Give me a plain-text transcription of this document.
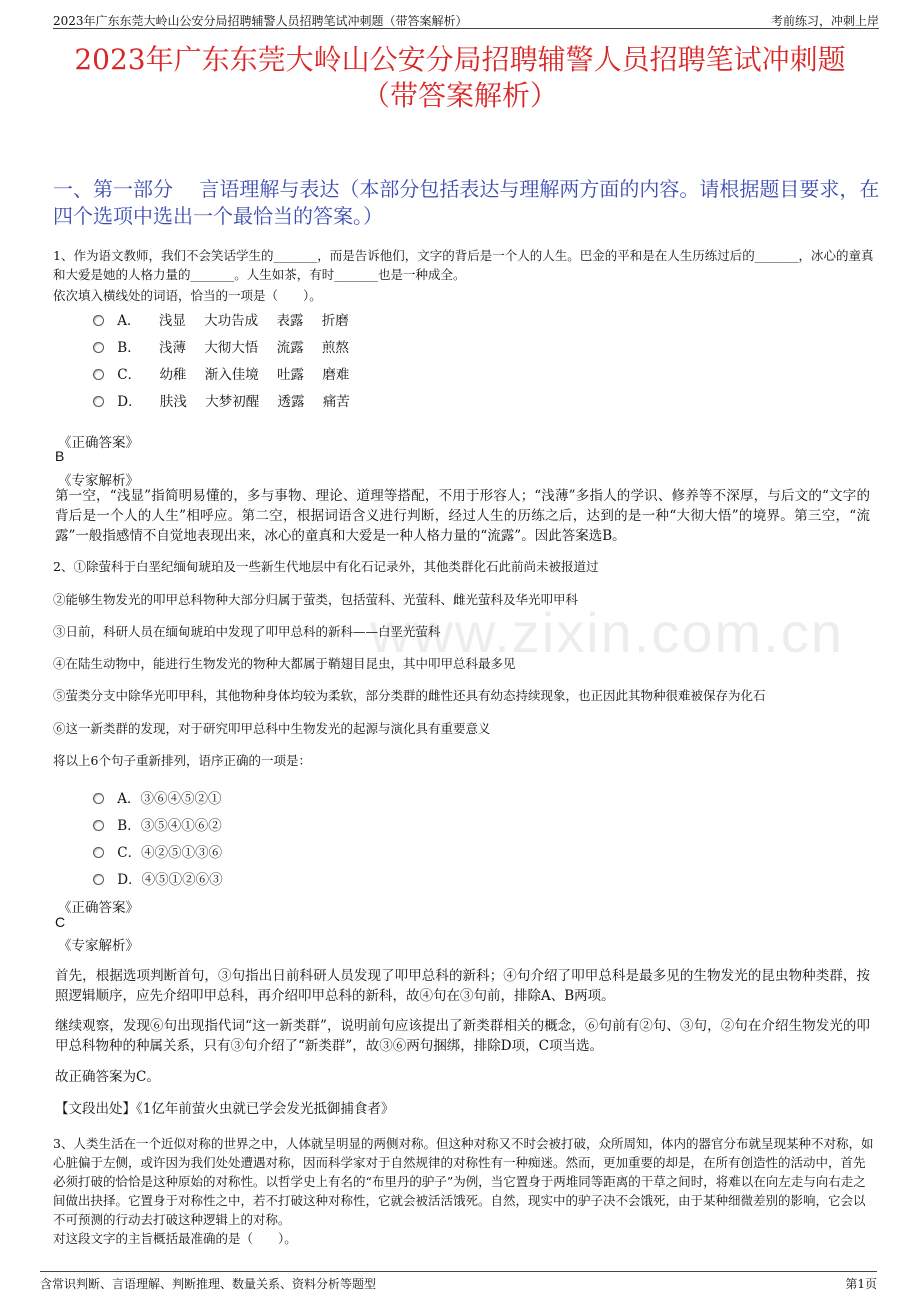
2023年广东东莞大岭山公安分局招聘辅警人员招聘笔试冲刺题（带答案解析）	考前练习，冲刺上岸
2023年广东东莞大岭山公安分局招聘辅警人员招聘笔试冲刺题
（带答案解析）
一、第一部分　 言语理解与表达（本部分包括表达与理解两方面的内容。请根据题目要求，在四个选项中选出一个最恰当的答案。）
1、作为语文教师，我们不会笑话学生的_______，而是告诉他们，文字的背后是一个人的人生。巴金的平和是在人生历练过后的_______，冰心的童真和大爱是她的人格力量的_______。人生如茶，有时_______也是一种成全。
依次填入横线处的词语，恰当的一项是（　　）。
A． 浅显 大功告成 表露 折磨
B． 浅薄 大彻大悟 流露 煎熬
C． 幼稚 渐入佳境 吐露 磨难
D． 肤浅 大梦初醒 透露 痛苦
《正确答案》
B
《专家解析》
第一空，“浅显”指简明易懂的，多与事物、理论、道理等搭配，不用于形容人；“浅薄”多指人的学识、修养等不深厚，与后文的“文字的背后是一个人的人生”相呼应。第二空，根据词语含义进行判断，经过人生的历练之后，达到的是一种“大彻大悟”的境界。第三空，“流露”一般指感情不自觉地表现出来，冰心的童真和大爱是一种人格力量的“流露”。因此答案选B。
2、①除萤科于白垩纪缅甸琥珀及一些新生代地层中有化石记录外，其他类群化石此前尚未被报道过
②能够生物发光的叩甲总科物种大部分归属于萤类，包括萤科、光萤科、雌光萤科及华光叩甲科
③日前，科研人员在缅甸琥珀中发现了叩甲总科的新科——白垩光萤科
④在陆生动物中，能进行生物发光的物种大都属于鞘翅目昆虫，其中叩甲总科最多见
⑤萤类分支中除华光叩甲科，其他物种身体均较为柔软，部分类群的雌性还具有幼态持续现象，也正因此其物种很难被保存为化石
⑥这一新类群的发现，对于研究叩甲总科中生物发光的起源与演化具有重要意义
将以上6个句子重新排列，语序正确的一项是：
A．③⑥④⑤②①
B．③⑤④①⑥②
C．④②⑤①③⑥
D．④⑤①②⑥③
《正确答案》
C
《专家解析》
首先，根据选项判断首句，③句指出日前科研人员发现了叩甲总科的新科；④句介绍了叩甲总科是最多见的生物发光的昆虫物种类群，按照逻辑顺序，应先介绍叩甲总科，再介绍叩甲总科的新科，故④句在③句前，排除A、B两项。
继续观察，发现⑥句出现指代词“这一新类群”，说明前句应该提出了新类群相关的概念，⑥句前有②句、③句，②句在介绍生物发光的叩甲总科物种的种属关系，只有③句介绍了“新类群”，故③⑥两句捆绑，排除D项，C项当选。
故正确答案为C。
【文段出处】《1亿年前萤火虫就已学会发光抵御捕食者》
3、人类生活在一个近似对称的世界之中，人体就呈明显的两侧对称。但这种对称又不时会被打破，众所周知，体内的器官分布就呈现某种不对称，如心脏偏于左侧，或许因为我们处处遭遇对称，因而科学家对于自然规律的对称性有一种痴迷。然而，更加重要的却是，在所有创造性的活动中，首先必须打破的恰恰是这种原始的对称性。以哲学史上有名的“布里丹的驴子”为例，当它置身于两堆同等距离的干草之间时，将难以在向左走与向右走之间做出抉择。它置身于对称性之中，若不打破这种对称性，它就会被活活饿死。自然，现实中的驴子决不会饿死，由于某种细微差别的影响，它会以不可预测的行动去打破这种逻辑上的对称。
对这段文字的主旨概括最准确的是（　　）。
www.zixin.com.cn
含常识判断、言语理解、判断推理、数量关系、资料分析等题型	第1页
